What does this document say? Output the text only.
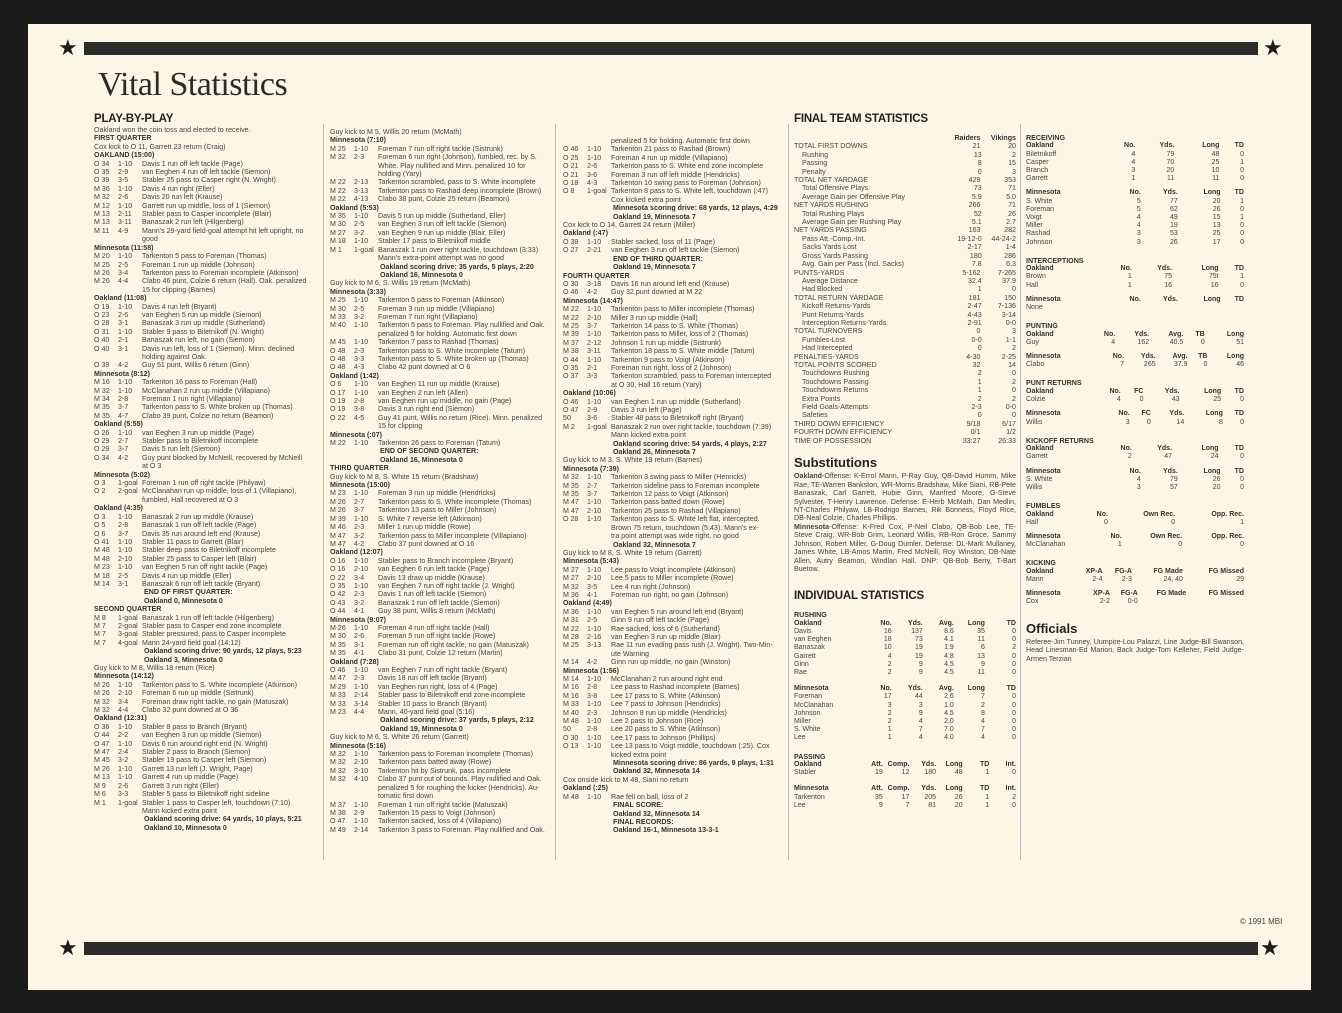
★	★
★	★
Vital Statistics
PLAY-BY-PLAY
Oakland won the coin toss and elected to receive.
FIRST QUARTER
Cox kick to O 11, Garrett 23 return (Craig)
OAKLAND (15:00)
O 34 1-10 Davis 1 run off left tackle (Page)
O 35 2-9 van Eeghen 4 run off left tackle (Siemon)
O 39 3-5 Stabler 25 pass to Casper right (N. Wright)
M 36 1-10 Davis 4 run right (Eller)
M 32 2-6 Davis 20 run left (Krause)
M 12 1-10 Garrett run up middle, loss of 1 (Siemon)
M 13 2-11 Stabler pass to Casper incomplete (Blair)
M 13 3-11 Banaszak 2 run left (Hilgenberg)
M 11 4-9 Mann's 29-yard field-goal attempt hit left upright, no
good
Minnesota (11:58)
M 20 1-10 Tarkenton 5 pass to Foreman (Thomas)
M 25 2-5 Foreman 1 run up middle (Johnson)
M 26 3-4 Tarkenton pass to Foreman incomplete (Atkinson)
M 26 4-4 Clabo 46 punt, Colzie 6 return (Hall). Oak. penalized
15 for clipping (Barnes)
Oakland (11:08)
O 19 1-10 Davis 4 run left (Bryant)
O 23 2-6 van Eeghen 5 run up middle (Siemon)
O 28 3-1 Banaszak 3 run up middle (Sutherland)
O 31 1-10 Stabler 9 pass to Biletnikoff (N. Wright)
O 40 2-1 Banaszak run left, no gain (Siemon)
O 40 3-1 Davis run left, loss of 1 (Siemon). Minn. declined
holding against Oak.
O 39 4-2 Guy 51 punt, Willis 6 return (Ginn)
Minnesota (8:12)
M 16 1-10 Tarkenton 16 pass to Foreman (Hall)
M 32 1-10 McClanahan 2 run up middle (Villapiano)
M 34 2-8 Foreman 1 run right (Villapiano)
M 35 3-7 Tarkenton pass to S. White broken up (Thomas)
M 35 4-7 Clabo 39 punt, Colzie no return (Beamon)
Oakland (5:55)
O 26 1-10 van Eeghen 3 run up middle (Page)
O 29 2-7 Stabler pass to Biletnikoff incomplete
O 29 3-7 Davis 5 run left (Siemon)
O 34 4-2 Guy punt blocked by McNeill, recovered by McNeill
at O 3
Minnesota (5:02)
O 3 1-goal Foreman 1 run off right tackle (Philyaw)
O 2 2-goal McClanahan run up middle, loss of 1 (Villapiano),
fumbled, Hall recovered at O 3
Oakland (4:35)
O 3 1-10 Banaszak 2 run up middle (Krause)
O 5 2-8 Banaszak 1 run off left tackle (Page)
O 6 3-7 Davis 35 run around left end (Krause)
O 41 1-10 Stabler 11 pass to Garrett (Blair)
M 48 1-10 Stabler deep pass to Biletnikoff incomplete
M 48 2-10 Stabler 25 pass to Casper left (Blair)
M 23 1-10 van Eeghen 5 run off right tackle (Page)
M 18 2-5 Davis 4 run up middle (Eller)
M 14 3-1 Banaszak 6 run off left tackle (Bryant)
END OF FIRST QUARTER:
Oakland 0, Minnesota 0
SECOND QUARTER
M 8 1-goal Banaszak 1 run off left tackle (Hilgenberg)
M 7 2-goal Stabler pass to Casper end zone incomplete
M 7 3-goal Stabler pressured, pass to Casper incomplete
M 7 4-goal Mann 24-yard field goal (14:12)
Oakland scoring drive: 90 yards, 12 plays, 5:23
Oakland 3, Minnesota 0
Guy kick to M 8, Willis 18 return (Rice)
Minnesota (14:12)
M 26 1-10 Tarkenton pass to S. White incomplete (Atkinson)
M 26 2-10 Foreman 6 run up middle (Sistrunk)
M 32 3-4 Foreman draw right tackle, no gain (Matuszak)
M 32 4-4 Clabo 32 punt downed at O 36
Oakland (12:31)
O 36 1-10 Stabler 8 pass to Branch (Bryant)
O 44 2-2 van Eeghen 3 run up middle (Siemon)
O 47 1-10 Davis 6 run around right end (N. Wright)
M 47 2-4 Stabler 2 pass to Branch (Siemon)
M 45 3-2 Stabler 19 pass to Casper left (Siemon)
M 26 1-10 Garrett 13 run left (J. Wright, Page)
M 13 1-10 Garrett 4 run up middle (Page)
M 9 2-6 Garrett 3 run right (Eller)
M 6 3-3 Stabler 5 pass to Biletnikoff right sideline
M 1 1-goal Stabler 1 pass to Casper left, touchdown (7:10)
Mann kicked extra point
Oakland scoring drive: 64 yards, 10 plays, 5:21
Oakland 10, Minnesota 0
Guy kick to M 5, Willis 20 return (McMath)
Minnesota (7:10)
M 25 1-10 Foreman 7 run off right tackle (Sistrunk)
M 32 2-3 Foreman 6 run right (Johnson), fumbled, rec. by S.
White. Play nullified and Minn. penalized 10 for
holding (Yary)
M 22 2-13 Tarkenton scrambled, pass to S. White incomplete
M 22 3-13 Tarkenton pass to Rashad deep incomplete (Brown)
M 22 4-13 Clabo 38 punt, Colzie 25 return (Beamon)
Oakland (5:53)
M 35 1-10 Davis 5 run up middle (Sutherland, Eller)
M 30 2-5 van Eeghen 3 run off left tackle (Siemon)
M 27 3-2 van Eeghen 9 run up middle (Blair, Eller)
M 18 1-10 Stabler 17 pass to Biletnikoff middle
M 1 1-goal Banaszak 1 run over right tackle, touchdown (3:33)
Mann's extra-point attempt was no good
Oakland scoring drive: 35 yards, 5 plays, 2:20
Oakland 16, Minnesota 0
Guy kick to M 6, S. Willis 19 return (McMath)
Minnesota (3:33)
M 25 1-10 Tarkenton 5 pass to Foreman (Atkinson)
M 30 2-5 Foreman 3 run up middle (Villapiano)
M 33 3-2 Foreman 7 run right (Villapiano)
M 40 1-10 Tarkenton 5 pass to Foreman. Play nullified and Oak.
penalized 5 for holding. Automatic first down
M 45 1-10 Tarkenton 7 pass to Rashad (Thomas)
O 48 2-3 Tarkenton pass to S. White incomplete (Tatum)
O 48 3-3 Tarkenton pass to S. White broken up (Thomas)
O 48 4-3 Clabo 42 punt downed at O 6
Oakland (1:42)
O 6 1-10 van Eeghen 11 run up middle (Krause)
O 17 1-10 van Eeghen 2 run left (Allen)
O 19 2-8 van Eeghen run up middle, no gain (Page)
O 19 3-8 Davis 3 run right end (Siemon)
O 22 4-5 Guy 41 punt, Willis no return (Rice). Minn. penalized
15 for clipping
Minnesota (:07)
M 22 1-10 Tarkenton 26 pass to Foreman (Tatum)
END OF SECOND QUARTER:
Oakland 16, Minnesota 0
THIRD QUARTER
Guy kick to M 8, S. White 15 return (Bradshaw)
Minnesota (15:00)
M 23 1-10 Foreman 3 run up middle (Hendricks)
M 26 2-7 Tarkenton pass to S. White incomplete (Thomas)
M 26 3-7 Tarkenton 13 pass to Miller (Johnson)
M 39 1-10 S. White 7 reverse left (Atkinson)
M 46 2-3 Miller 1 run up middle (Rowe)
M 47 3-2 Tarkenton pass to Miller incomplete (Villapiano)
M 47 4-2 Clabo 37 punt downed at O 16
Oakland (12:07)
O 16 1-10 Stabler pass to Branch incomplete (Bryant)
O 16 2-10 van Eeghen 6 run left tackle (Page)
O 22 3-4 Davis 13 draw up middle (Krause)
O 35 1-10 van Eeghen 7 run off right tackle (J. Wright)
O 42 2-3 Davis 1 run off left tackle (Siemon)
O 43 3-2 Banaszak 1 run off left tackle (Siemon)
O 44 4-1 Guy 38 punt, Willis 8 return (McMath)
Minnesota (9:07)
M 26 1-10 Foreman 4 run off right tackle (Hall)
M 30 2-6 Foreman 5 run off right tackle (Rowe)
M 35 3-1 Foreman run off right tackle, no gain (Matuszak)
M 35 4-1 Clabo 31 punt, Colzie 12 return (Martin)
Oakland (7:28)
O 46 1-10 van Eeghen 7 run off right tackle (Bryant)
M 47 2-3 Davis 18 run off left tackle (Bryant)
M 29 1-10 van Eeghen run right, loss of 4 (Page)
M 33 2-14 Stabler pass to Biletnikoff end zone incomplete
M 33 3-14 Stabler 10 pass to Branch (Bryant)
M 23 4-4 Mann, 40-yard field goal (5:16)
Oakland scoring drive: 37 yards, 5 plays, 2:12
Oakland 19, Minnesota 0
Guy kick to M 6, S. White 26 return (Garrett)
Minnesota (5:16)
M 32 1-10 Tarkenton pass to Foreman incomplete (Thomas)
M 32 2-10 Tarkenton pass batted away (Rowe)
M 32 3-10 Tarkenton hit by Sistrunk, pass incomplete
M 32 4-10 Clabo 37 punt out of bounds. Play nullified and Oak.
penalized 5 for roughing the kicker (Hendricks). Au-
tomatic first down
M 37 1-10 Foreman 1 run off right tackle (Matuszak)
M 38 2-9 Tarkenton 15 pass to Voigt (Johnson)
O 47 1-10 Tarkenton sacked, loss of 4 (Villapiano)
M 49 2-14 Tarkenton 3 pass to Foreman. Play nullified and Oak.
penalized 5 for holding. Automatic first down
O 46 1-10 Tarkenton 21 pass to Rashad (Brown)
O 25 1-10 Foreman 4 run up middle (Villapiano)
O 21 2-6 Tarkenton pass to S. White end zone incomplete
O 21 3-6 Foreman 3 run off left middle (Hendricks)
O 18 4-3 Tarkenton 10 swing pass to Foreman (Johnson)
O 8 1-goal Tarkenton 8 pass to S. White left, touchdown (:47)
Cox kicked extra point
Minnesota scoring drive: 68 yards, 12 plays, 4:29
Oakland 19, Minnesota 7
Cox kick to O 14, Garrett 24 return (Miller)
Oakland (:47)
O 38 1-10 Stabler sacked, loss of 11 (Page)
O 27 2-21 van Eeghen 3 run off left tackle (Siemon)
END OF THIRD QUARTER:
Oakland 19, Minnesota 7
FOURTH QUARTER
O 30 3-18 Davis 16 run around left end (Krause)
O 46 4-2 Guy 32 punt downed at M 22
Minnesota (14:47)
M 22 1-10 Tarkenton pass to Miller incomplete (Thomas)
M 22 2-10 Miller 3 run up middle (Hall)
M 25 3-7 Tarkenton 14 pass to S. White (Thomas)
M 39 1-10 Tarkenton pass to Miller, loss of 2 (Thomas)
M 37 2-12 Johnson 1 run up middle (Sistrunk)
M 38 3-11 Tarkenton 18 pass to S. White middle (Tatum)
O 44 1-10 Tarkenton 9 pass to Voigt (Atkinson)
O 35 2-1 Foreman run right, loss of 2 (Johnson)
O 37 3-3 Tarkenton scrambled, pass to Foreman intercepted
at O 30, Hall 16 return (Yary)
Oakland (10:06)
O 46 1-10 van Eeghen 1 run up middle (Sutherland)
O 47 2-9 Davis 3 run left (Page)
50 3-6 Stabler 48 pass to Biletnikoff right (Bryant)
M 2 1-goal Banaszak 2 run over right tackle, touchdown (7:39)
Mann kicked extra point
Oakland scoring drive: 54 yards, 4 plays, 2:27
Oakland 26, Minnesota 7
Guy kick to M 3, S. White 19 return (Barnes)
Minnesota (7:39)
M 32 1-10 Tarkenton 3 swing pass to Miller (Henricks)
M 35 2-7 Tarkenton sideline pass to Foreman incomplete
M 35 3-7 Tarkenton 12 pass to Voigt (Atkinson)
M 47 1-10 Tarkenton pass batted down (Rowe)
M 47 2-10 Tarkenton 25 pass to Rashad (Villapiano)
O 28 1-10 Tarkenton pass to S. White left flat, intercepted.
Brown 75 return, touchdown (5:43). Mann's ex-
tra point attempt was wide right, no good
Oakland 32, Minnesota 7
Guy kick to M 8, S. White 19 return (Garrett)
Minnesota (5:43)
M 27 1-10 Lee pass to Voigt incomplete (Atkinson)
M 27 2-10 Lee 5 pass to Miller incomplete (Rowe)
M 32 3-5 Lee 4 run right (Johnson)
M 36 4-1 Foreman run right, no gain (Johnson)
Oakland (4:49)
M 36 1-10 van Eeghen 5 run around left end (Bryant)
M 31 2-5 Ginn 9 run off left tackle (Page)
M 22 1-10 Rae sacked, loss of 6 (Sutherland)
M 28 2-16 van Eeghen 3 run up middle (Blair)
M 25 3-13 Rae 11 run evading pass rush (J. Wright). Two-Min-
ute Warning
M 14 4-2 Ginn run up middle, no gain (Winston)
Minnesota (1:56)
M 14 1-10 McClanahan 2 run around right end
M 16 2-8 Lee pass to Rashad incomplete (Barnes)
M 16 3-8 Lee 17 pass to S. White (Atkinson)
M 33 1-10 Lee 7 pass to Johnson (Hendricks)
M 40 2-3 Johnson 8 run up middle (Hendricks)
M 48 1-10 Lee 2 pass to Johnson (Rice)
50 2-8 Lee 20 pass to S. White (Atkinson)
O 30 1-10 Lee 17 pass to Johnson (Phillips)
O 13 1-10 Lee 13 pass to Voigt middle, touchdown (:25). Cox
kicked extra point
Minnesota scoring drive: 86 yards, 9 plays, 1:31
Oakland 32, Minnesota 14
Cox onside kick to M 48, Siani no return
Oakland (:25)
M 48 1-10 Rae fell on ball, loss of 2
FINAL SCORE:
Oakland 32, Minnesota 14
FINAL RECORDS:
Oakland 16-1, Minnesota 13-3-1
FINAL TEAM STATISTICS
Raiders	Vikings
TOTAL FIRST DOWNS	21	20
Rushing	13	2
Passing	8	15
Penalty	0	3
TOTAL NET YARDAGE	429	353
Total Offensive Plays	73	71
Average Gain per Offensive Play	5.9	5.0
NET YARDS RUSHING	266	71
Total Rushing Plays	52	26
Average Gain per Rushing Play	5.1	2.7
NET YARDS PASSING	163	282
Pass Att.-Comp.-Int.	19-12-0	44-24-2
Sacks Yards Lost	2-17	1-4
Gross Yards Passing	180	286
Avg. Gain per Pass (Incl. Sacks)	7.8	6.3
PUNTS-YARDS	5-162	7-265
Average Distance	32.4	37.9
Had Blocked	1	0
TOTAL RETURN YARDAGE	181	150
Kickoff Returns-Yards	2-47	7-136
Punt Returns-Yards	4-43	3-14
Interception Returns-Yards	2-91	0-0
TOTAL TURNOVERS	0	3
Fumbles-Lost	0-0	1-1
Had Intercepted	0	2
PENALTIES-YARDS	4-30	2-25
TOTAL POINTS SCORED	32	14
Touchdowns Rushing	2	0
Touchdowns Passing	1	2
Touchdowns Returns	1	0
Extra Points	2	2
Field Goals-Attempts	2-3	0-0
Safeties	0	0
THIRD DOWN EFFICIENCY	9/18	6/17
FOURTH DOWN EFFICIENCY	0/1	1/2
TIME OF POSSESSION	33:27	26:33
Substitutions
Oakland-Offense: K-Errol Mann, P-Ray Guy, QB-David Humm, Mike Rae, TE-Warren Bankston, WR-Morris Bradshaw, Mike Siani, RB-Pete Banaszak, Carl Garrett, Hubie Ginn, Manfred Moore, G-Steve Sylvester, T-Henry Lawrence. Defense: E-Herb McMath, Dan Medlin, NT-Charles Philyaw, LB-Rodrigo Barnes, Rik Bonness, Floyd Rice, DB-Neal Colzie, Charles Phillips.
Minnesota-Offense: K-Fred Cox, P-Neil Clabo, QB-Bob Lee, TE-Steve Craig, WR-Bob Grim, Leonard Willis, RB-Ron Groce, Sammy Johnson, Robert Miller, G-Doug Dumler. Defense: DL-Mark Mullaney, James White, LB-Amos Martin, Fred McNeill, Roy Winston, DB-Nate Allen, Autry Beamon, Windlan Hall. DNP: QB-Bob Berry, T-Bart Buetow.
INDIVIDUAL STATISTICS
RUSHING
Oakland	No.	Yds.	Avg.	Long	TD
Davis	16	137	8.6	35	0
van Eeghen	18	73	4.1	11	0
Banaszak	10	19	1.9	6	2
Garrett	4	19	4.8	13	0
Ginn	2	9	4.5	9	0
Rae	2	9	4.5	11	0
Minnesota	No.	Yds.	Avg.	Long	TD
Foreman	17	44	2.6	7	0
McClanahan	3	3	1.0	2	0
Johnson	2	9	4.5	8	0
Miller	2	4	2.0	4	0
S. White	1	7	7.0	7	0
Lee	1	4	4.0	4	0
PASSING
Oakland	Att.	Comp.	Yds.	Long	TD	Int.
Stabler	19	12	180	48	1	0
Minnesota	Att.	Comp.	Yds.	Long	TD	Int.
Tarkenton	35	17	205	26	1	2
Lee	9	7	81	20	1	0
RECEIVING
Oakland	No.	Yds.	Long	TD
Biletnikoff	4	79	48	0
Casper	4	70	25	1
Branch	3	20	10	0
Garrett	1	11	11	0
Minnesota	No.	Yds.	Long	TD
S. White	5	77	20	1
Foreman	5	62	26	0
Voigt	4	49	15	1
Miller	4	19	13	0
Rashad	3	53	25	0
Johnson	3	26	17	0
INTERCEPTIONS
Oakland	No.	Yds.	Long	TD
Brown	1	75	75t	1
Hall	1	16	16	0
Minnesota	No.	Yds.	Long	TD
None				
PUNTING
Oakland	No.	Yds.	Avg.	TB	Long
Guy	4	162	40.5	0	51
Minnesota	No.	Yds.	Avg.	TB	Long
Clabo	7	265	37.9	0	46
PUNT RETURNS
Oakland	No.	FC	Yds.	Long	TD
Colzie	4	0	43	25	0
Minnesota	No.	FC	Yds.	Long	TD
Willis	3	0	14	8	0
KICKOFF RETURNS
Oakland	No.	Yds.	Long	TD
Garrett	2	47	24	0
Minnesota	No.	Yds.	Long	TD
S. White	4	79	26	0
Willis	3	57	20	0
FUMBLES
Oakland	No.	Own Rec.	Opp. Rec.
Hall	0	0	1
Minnesota	No.	Own Rec.	Opp. Rec.
McClanahan	1	0	0
KICKING
Oakland	XP-A	FG-A	FG Made	FG Missed
Mann	2-4	2-3	24, 40	29
Minnesota	XP-A	FG-A	FG Made	FG Missed
Cox	2-2	0-0		
Officials
Referee-Jim Tunney, Uumpire-Lou Palazzi, Line Judge-Bill Swanson, Head Linesman-Ed Marion, Back Judge-Tom Kelleher, Field Judge-Armen Terzian
© 1991 MBI
